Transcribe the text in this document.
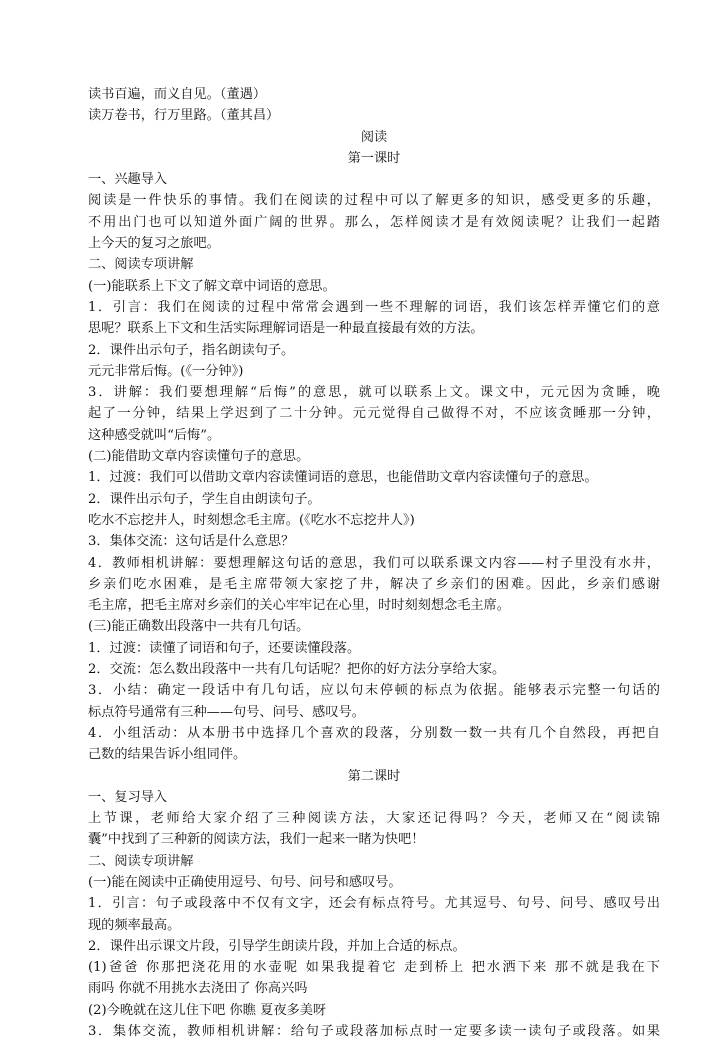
读书百遍，而义自见。（董遇）
读万卷书，行万里路。（董其昌）
阅读
第一课时
一、兴趣导入
阅读是一件快乐的事情。我们在阅读的过程中可以了解更多的知识，感受更多的乐趣，
不用出门也可以知道外面广阔的世界。那么，怎样阅读才是有效阅读呢？让我们一起踏
上今天的复习之旅吧。
二、阅读专项讲解
(一)能联系上下文了解文章中词语的意思。
1．引言：我们在阅读的过程中常常会遇到一些不理解的词语，我们该怎样弄懂它们的意
思呢？联系上下文和生活实际理解词语是一种最直接最有效的方法。
2．课件出示句子，指名朗读句子。
元元非常后悔。(《一分钟》)
3．讲解：我们要想理解“后悔”的意思，就可以联系上文。课文中，元元因为贪睡，晚
起了一分钟，结果上学迟到了二十分钟。元元觉得自己做得不对，不应该贪睡那一分钟，
这种感受就叫“后悔”。
(二)能借助文章内容读懂句子的意思。
1．过渡：我们可以借助文章内容读懂词语的意思，也能借助文章内容读懂句子的意思。
2．课件出示句子，学生自由朗读句子。
吃水不忘挖井人，时刻想念毛主席。(《吃水不忘挖井人》)
3．集体交流：这句话是什么意思？
4．教师相机讲解：要想理解这句话的意思，我们可以联系课文内容——村子里没有水井，
乡亲们吃水困难，是毛主席带领大家挖了井，解决了乡亲们的困难。因此，乡亲们感谢
毛主席，把毛主席对乡亲们的关心牢牢记在心里，时时刻刻想念毛主席。
(三)能正确数出段落中一共有几句话。
1．过渡：读懂了词语和句子，还要读懂段落。
2．交流：怎么数出段落中一共有几句话呢？把你的好方法分享给大家。
3．小结：确定一段话中有几句话，应以句末停顿的标点为依据。能够表示完整一句话的
标点符号通常有三种——句号、问号、感叹号。
4．小组活动：从本册书中选择几个喜欢的段落，分别数一数一共有几个自然段，再把自
己数的结果告诉小组同伴。
第二课时
一、复习导入
上节课，老师给大家介绍了三种阅读方法，大家还记得吗？今天，老师又在“阅读锦
囊”中找到了三种新的阅读方法，我们一起来一睹为快吧！
二、阅读专项讲解
(一)能在阅读中正确使用逗号、句号、问号和感叹号。
1．引言：句子或段落中不仅有文字，还会有标点符号。尤其逗号、句号、问号、感叹号出
现的频率最高。
2．课件出示课文片段，引导学生朗读片段，并加上合适的标点。
(1)爸爸 你那把浇花用的水壶呢 如果我提着它 走到桥上 把水洒下来 那不就是我在下
雨吗 你就不用挑水去浇田了 你高兴吗
(2)今晚就在这儿住下吧 你瞧 夏夜多美呀
3．集体交流，教师相机讲解：给句子或段落加标点时一定要多读一读句子或段落。如果
